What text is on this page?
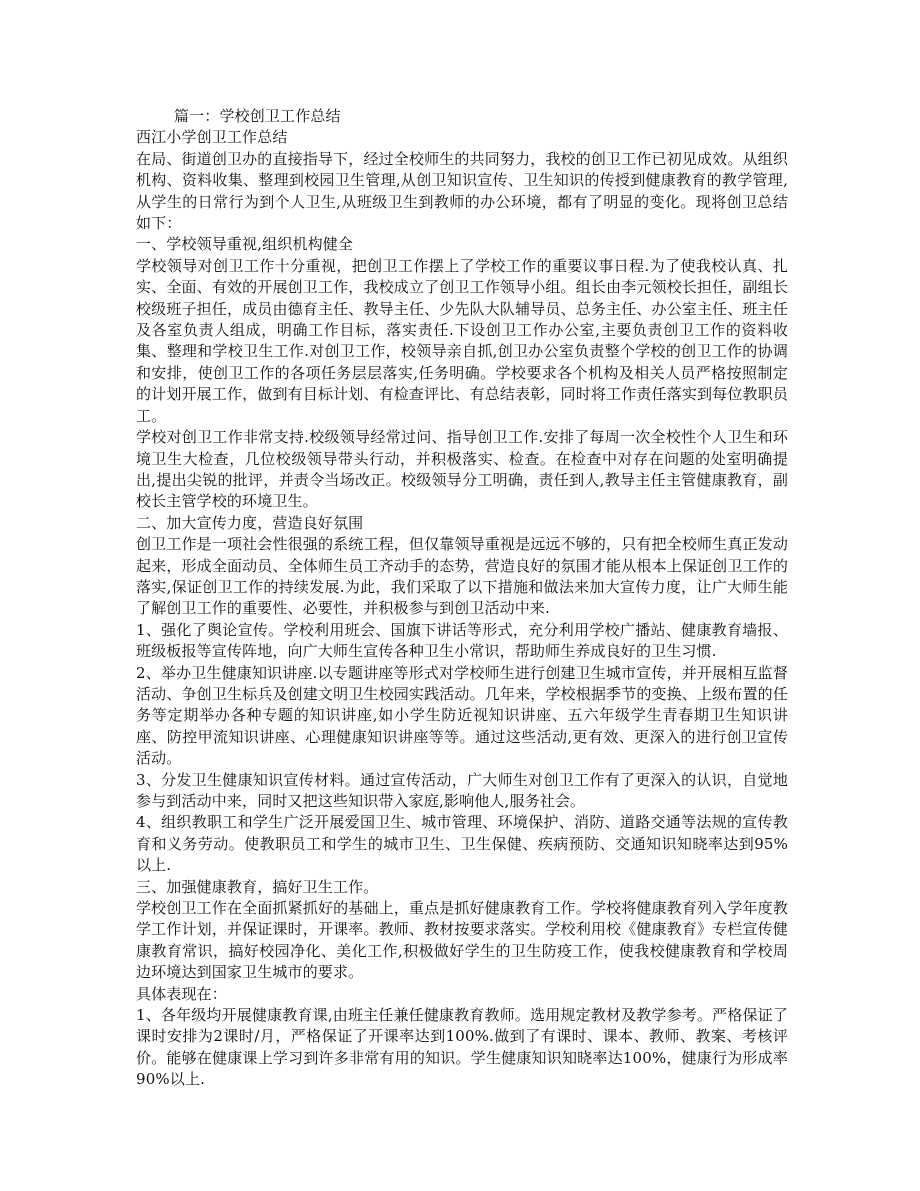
篇一：学校创卫工作总结
西江小学创卫工作总结

在局、街道创卫办的直接指导下，经过全校师生的共同努力，我校的创卫工作已初见成效。从组织机构、资料收集、整理到校园卫生管理,从创卫知识宣传、卫生知识的传授到健康教育的教学管理,从学生的日常行为到个人卫生,从班级卫生到教师的办公环境，都有了明显的变化。现将创卫总结如下：

一、学校领导重视,组织机构健全

学校领导对创卫工作十分重视，把创卫工作摆上了学校工作的重要议事日程.为了使我校认真、扎实、全面、有效的开展创卫工作，我校成立了创卫工作领导小组。组长由李元领校长担任，副组长校级班子担任，成员由德育主任、教导主任、少先队大队辅导员、总务主任、办公室主任、班主任及各室负责人组成，明确工作目标，落实责任.下设创卫工作办公室,主要负责创卫工作的资料收集、整理和学校卫生工作.对创卫工作，校领导亲自抓,创卫办公室负责整个学校的创卫工作的协调和安排，使创卫工作的各项任务层层落实,任务明确。学校要求各个机构及相关人员严格按照制定的计划开展工作，做到有目标计划、有检查评比、有总结表彰，同时将工作责任落实到每位教职员工。

学校对创卫工作非常支持.校级领导经常过问、指导创卫工作.安排了每周一次全校性个人卫生和环境卫生大检查，几位校级领导带头行动，并积极落实、检查。在检查中对存在问题的处室明确提出,提出尖锐的批评，并责令当场改正。校级领导分工明确，责任到人,教导主任主管健康教育，副校长主管学校的环境卫生。

二、加大宣传力度，营造良好氛围

创卫工作是一项社会性很强的系统工程，但仅靠领导重视是远远不够的，只有把全校师生真正发动起来，形成全面动员、全体师生员工齐动手的态势，营造良好的氛围才能从根本上保证创卫工作的落实,保证创卫工作的持续发展.为此，我们采取了以下措施和做法来加大宣传力度，让广大师生能了解创卫工作的重要性、必要性，并积极参与到创卫活动中来.

1、强化了舆论宣传。学校利用班会、国旗下讲话等形式，充分利用学校广播站、健康教育墙报、班级板报等宣传阵地，向广大师生宣传各种卫生小常识，帮助师生养成良好的卫生习惯.

2、举办卫生健康知识讲座.以专题讲座等形式对学校师生进行创建卫生城市宣传，并开展相互监督活动、争创卫生标兵及创建文明卫生校园实践活动。几年来，学校根据季节的变换、上级布置的任务等定期举办各种专题的知识讲座,如小学生防近视知识讲座、五六年级学生青春期卫生知识讲座、防控甲流知识讲座、心理健康知识讲座等等。通过这些活动,更有效、更深入的进行创卫宣传活动。

3、分发卫生健康知识宣传材料。通过宣传活动，广大师生对创卫工作有了更深入的认识，自觉地参与到活动中来，同时又把这些知识带入家庭,影响他人,服务社会。

4、组织教职工和学生广泛开展爱国卫生、城市管理、环境保护、消防、道路交通等法规的宣传教育和义务劳动。使教职员工和学生的城市卫生、卫生保健、疾病预防、交通知识知晓率达到95%以上.

三、加强健康教育，搞好卫生工作。

学校创卫工作在全面抓紧抓好的基础上，重点是抓好健康教育工作。学校将健康教育列入学年度教学工作计划，并保证课时，开课率。教师、教材按要求落实。学校利用校《健康教育》专栏宣传健康教育常识，搞好校园净化、美化工作,积极做好学生的卫生防疫工作，使我校健康教育和学校周边环境达到国家卫生城市的要求。

具体表现在：

1、各年级均开展健康教育课,由班主任兼任健康教育教师。选用规定教材及教学参考。严格保证了课时安排为2课时/月，严格保证了开课率达到100%.做到了有课时、课本、教师、教案、考核评价。能够在健康课上学习到许多非常有用的知识。学生健康知识知晓率达100%，健康行为形成率90%以上.
